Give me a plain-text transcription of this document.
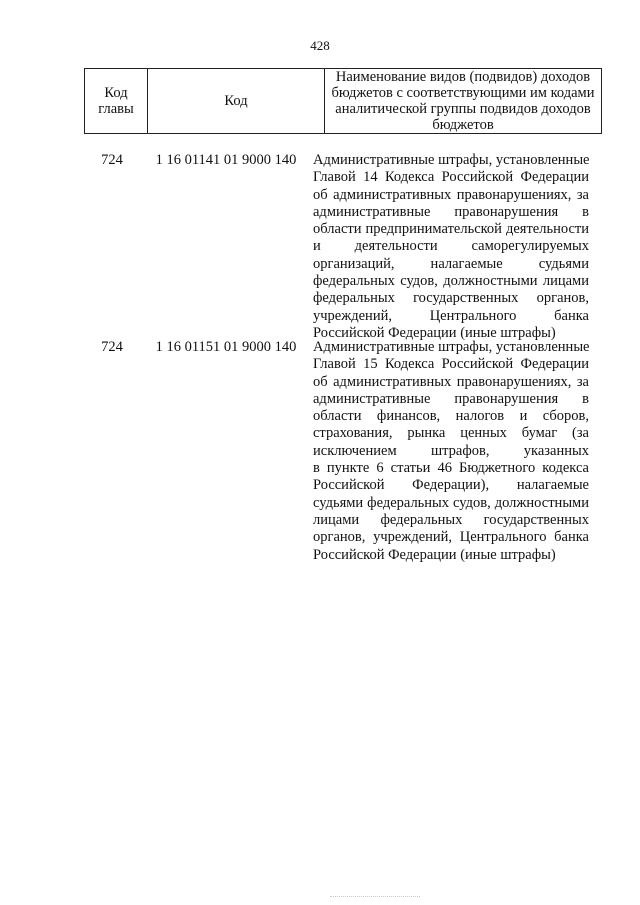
428
Код главы	Код	Наименование видов (подвидов) доходов бюджетов с соответствующими им кодами аналитической группы подвидов доходов бюджетов
724	1 16 01141 01 9000 140	Административные штрафы, установленные
Главой 14 Кодекса Российской Федерации
об административных правонарушениях, за
административные правонарушения в
области предпринимательской деятельности
и деятельности саморегулируемых
организаций, налагаемые судьями
федеральных судов, должностными лицами
федеральных государственных органов,
учреждений, Центрального банка
Российской Федерации (иные штрафы)
724	1 16 01151 01 9000 140	Административные штрафы, установленные
Главой 15 Кодекса Российской Федерации
об административных правонарушениях, за
административные правонарушения в
области финансов, налогов и сборов,
страхования, рынка ценных бумаг (за
исключением штрафов, указанных
в пункте 6 статьи 46 Бюджетного кодекса
Российской Федерации), налагаемые
судьями федеральных судов, должностными
лицами федеральных государственных
органов, учреждений, Центрального банка
Российской Федерации (иные штрафы)
